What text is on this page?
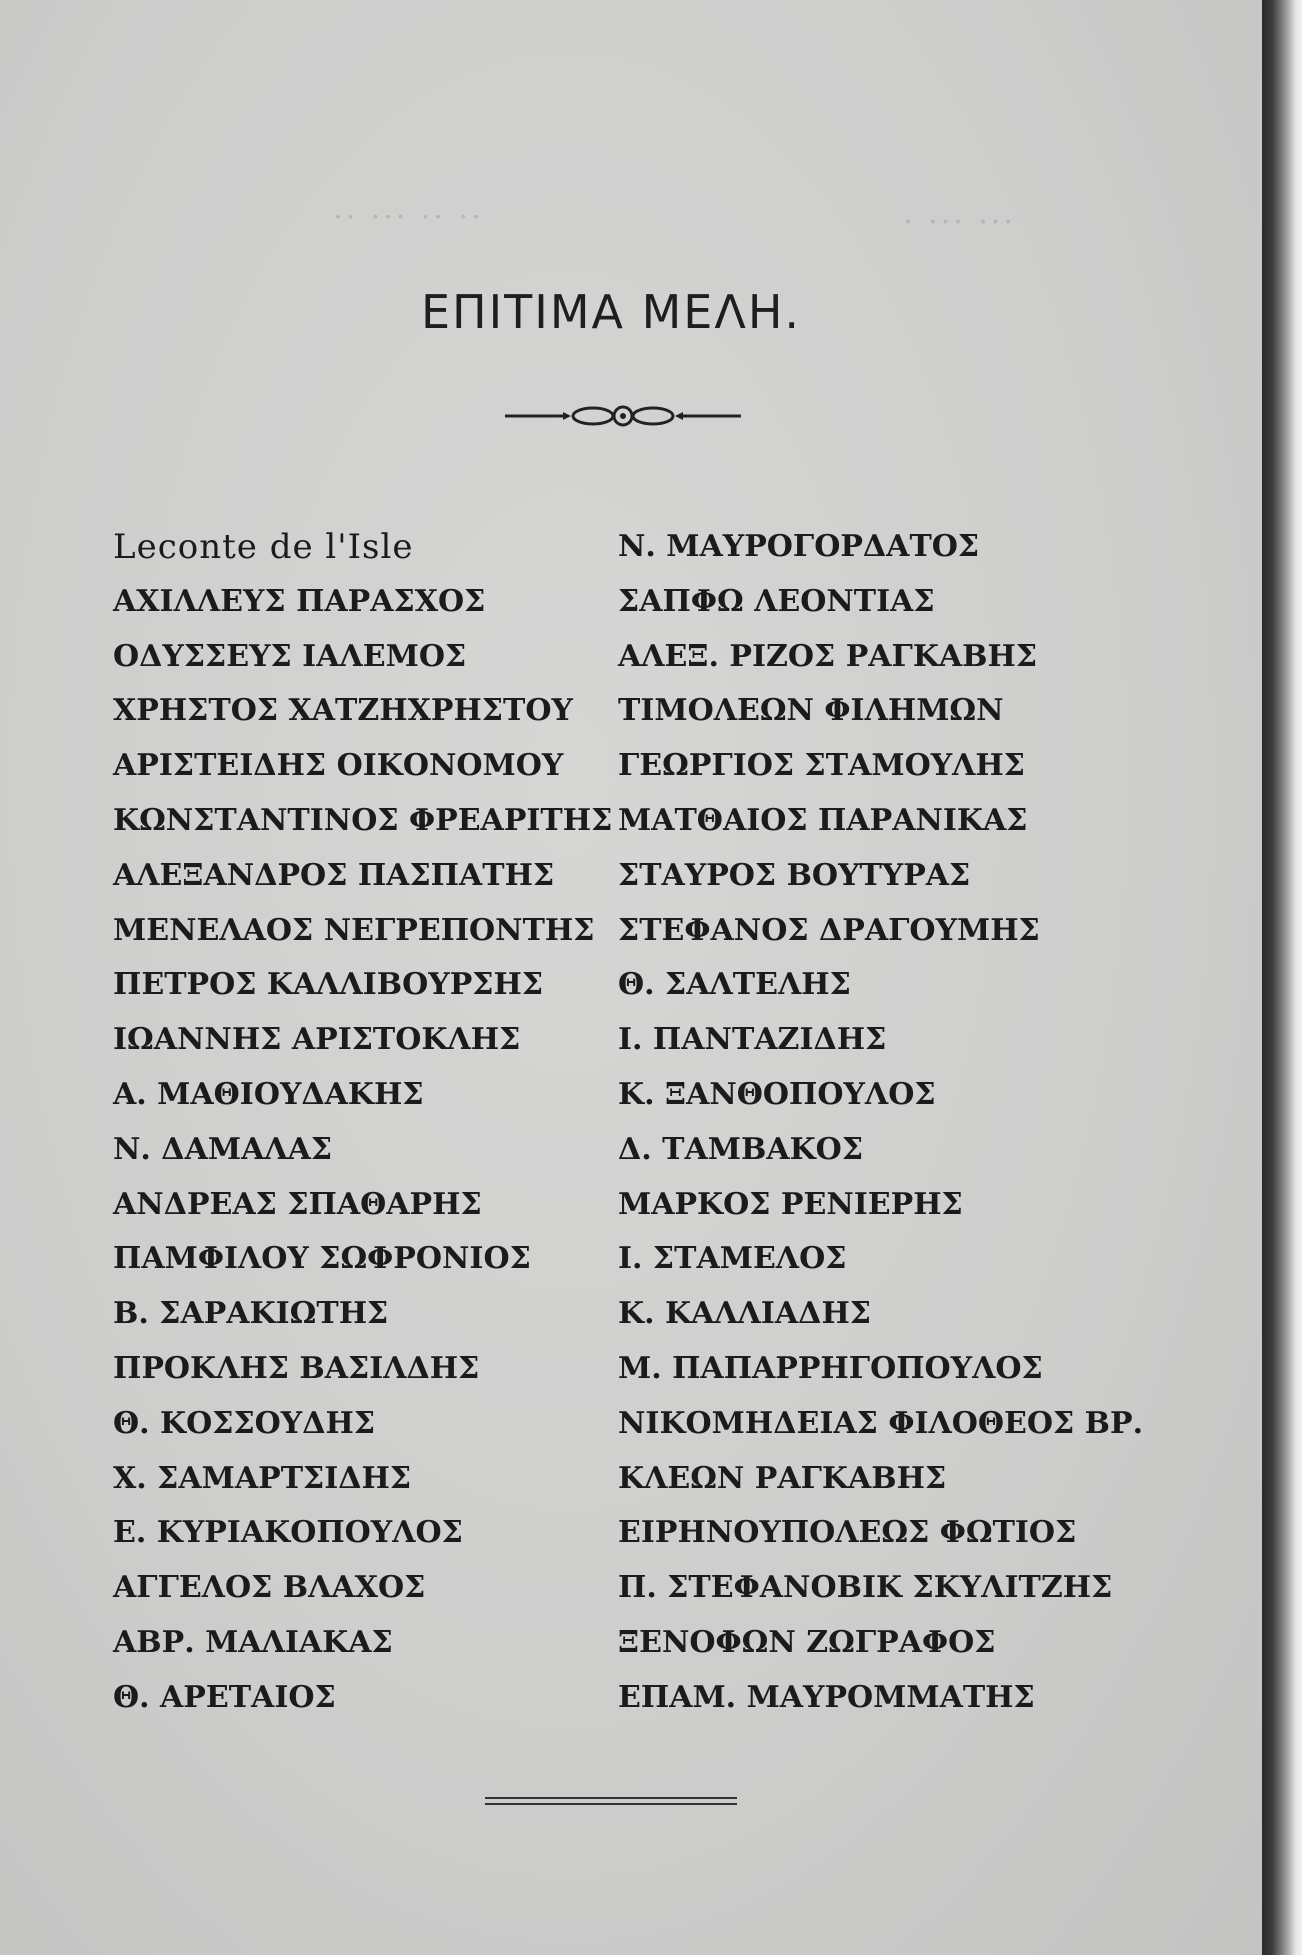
·· ·· ··· ··	··· ··· ·
ΕΠΙΤΙΜΑ ΜΕΛΗ.
Leconte de l'Isle
ΑΧΙΛΛΕΥΣ ΠΑΡΑΣΧΟΣ
ΟΔΥΣΣΕΥΣ ΙΑΛΕΜΟΣ
ΧΡΗΣΤΟΣ ΧΑΤΖΗΧΡΗΣΤΟΥ
ΑΡΙΣΤΕΙΔΗΣ ΟΙΚΟΝΟΜΟΥ
ΚΩΝΣΤΑΝΤΙΝΟΣ ΦΡΕΑΡΙΤΗΣ
ΑΛΕΞΑΝΔΡΟΣ ΠΑΣΠΑΤΗΣ
ΜΕΝΕΛΑΟΣ ΝΕΓΡΕΠΟΝΤΗΣ
ΠΕΤΡΟΣ ΚΑΛΛΙΒΟΥΡΣΗΣ
ΙΩΑΝΝΗΣ ΑΡΙΣΤΟΚΛΗΣ
Α. ΜΑΘΙΟΥΔΑΚΗΣ
Ν. ΔΑΜΑΛΑΣ
ΑΝΔΡΕΑΣ ΣΠΑΘΑΡΗΣ
ΠΑΜΦΙΛΟΥ ΣΩΦΡΟΝΙΟΣ
Β. ΣΑΡΑΚΙΩΤΗΣ
ΠΡΟΚΛΗΣ ΒΑΣΙΛΔΗΣ
Θ. ΚΟΣΣΟΥΔΗΣ
Χ. ΣΑΜΑΡΤΣΙΔΗΣ
Ε. ΚΥΡΙΑΚΟΠΟΥΛΟΣ
ΑΓΓΕΛΟΣ ΒΛΑΧΟΣ
ΑΒΡ. ΜΑΛΙΑΚΑΣ
Θ. ΑΡΕΤΑΙΟΣ
Ν. ΜΑΥΡΟΓΟΡΔΑΤΟΣ
ΣΑΠΦΩ ΛΕΟΝΤΙΑΣ
ΑΛΕΞ. ΡΙΖΟΣ ΡΑΓΚΑΒΗΣ
ΤΙΜΟΛΕΩΝ ΦΙΛΗΜΩΝ
ΓΕΩΡΓΙΟΣ ΣΤΑΜΟΥΛΗΣ
ΜΑΤΘΑΙΟΣ ΠΑΡΑΝΙΚΑΣ
ΣΤΑΥΡΟΣ ΒΟΥΤΥΡΑΣ
ΣΤΕΦΑΝΟΣ ΔΡΑΓΟΥΜΗΣ
Θ. ΣΑΛΤΕΛΗΣ
Ι. ΠΑΝΤΑΖΙΔΗΣ
Κ. ΞΑΝΘΟΠΟΥΛΟΣ
Δ. ΤΑΜΒΑΚΟΣ
ΜΑΡΚΟΣ ΡΕΝΙΕΡΗΣ
Ι. ΣΤΑΜΕΛΟΣ
Κ. ΚΑΛΛΙΑΔΗΣ
Μ. ΠΑΠΑΡΡΗΓΟΠΟΥΛΟΣ
ΝΙΚΟΜΗΔΕΙΑΣ ΦΙΛΟΘΕΟΣ ΒΡ.
ΚΛΕΩΝ ΡΑΓΚΑΒΗΣ
ΕΙΡΗΝΟΥΠΟΛΕΩΣ ΦΩΤΙΟΣ
Π. ΣΤΕΦΑΝΟΒΙΚ ΣΚΥΛΙΤΖΗΣ
ΞΕΝΟΦΩΝ ΖΩΓΡΑΦΟΣ
ΕΠΑΜ. ΜΑΥΡΟΜΜΑΤΗΣ
